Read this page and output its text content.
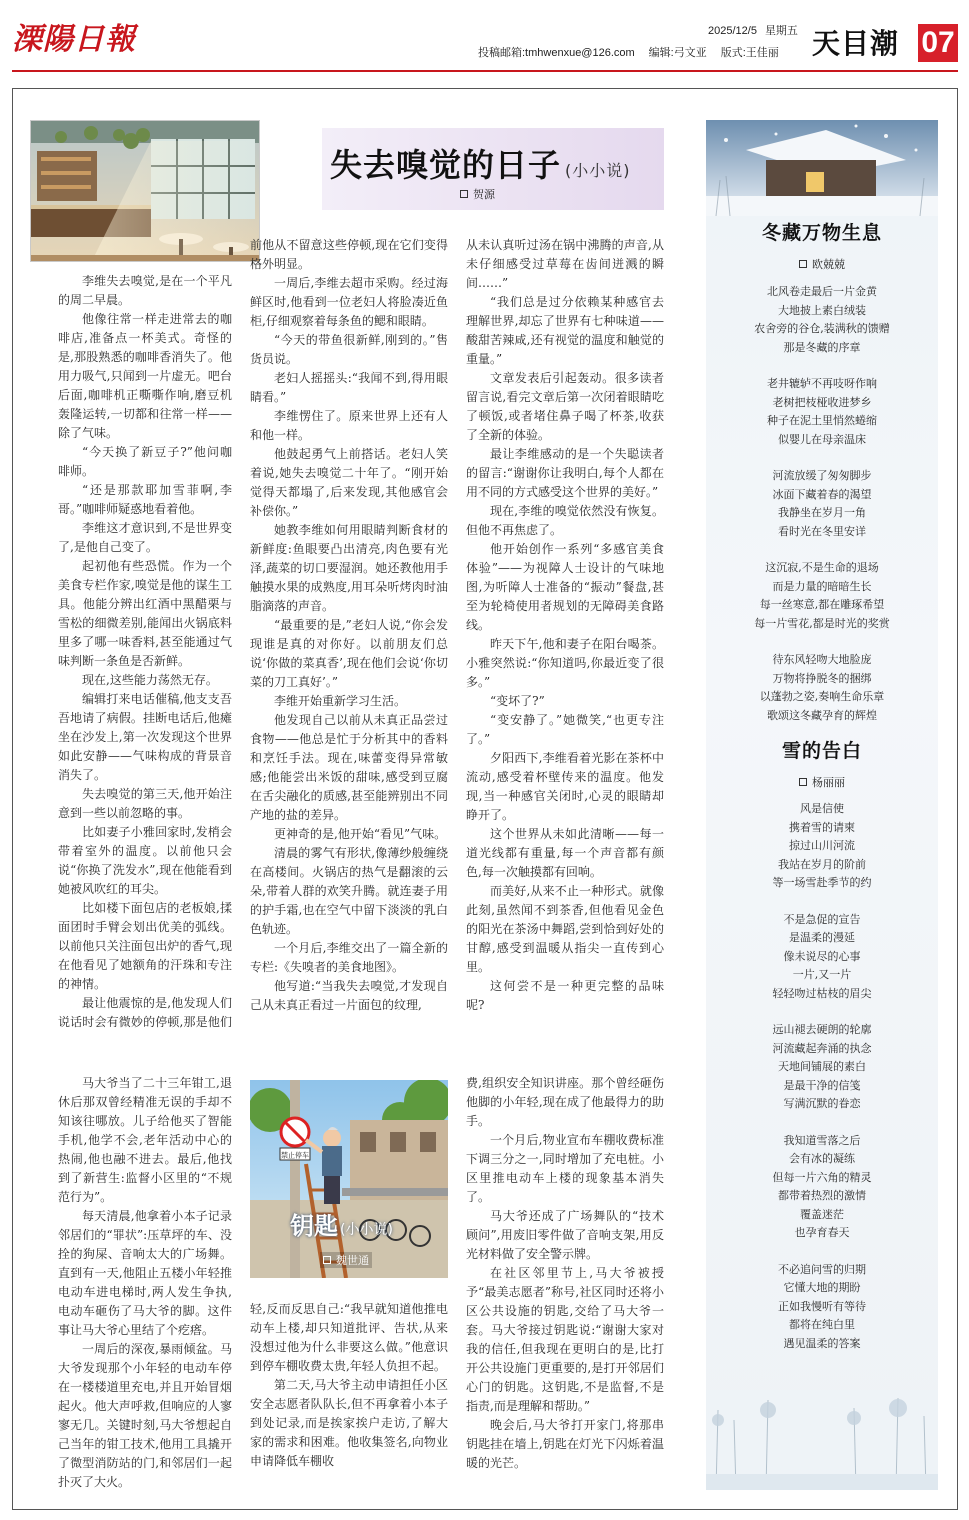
溧陽日報	2025/12/5 星期五
投稿邮箱:tmhwenxue@126.com 编辑:弓文亚 版式:王佳丽 天目潮 07
失去嗅觉的日子 (小小说)
贺源

李维失去嗅觉,是在一个平凡的周二早晨。

他像往常一样走进常去的咖啡店,准备点一杯美式。奇怪的是,那股熟悉的咖啡香消失了。他用力吸气,只闻到一片虚无。吧台后面,咖啡机正嘶嘶作响,磨豆机轰隆运转,一切都和往常一样——除了气味。

“今天换了新豆子?”他问咖啡师。

“还是那款耶加雪菲啊,李哥。”咖啡师疑惑地看着他。

李维这才意识到,不是世界变了,是他自己变了。

起初他有些恐慌。作为一个美食专栏作家,嗅觉是他的谋生工具。他能分辨出红酒中黑醋栗与雪松的细微差别,能闻出火锅底料里多了哪一味香料,甚至能通过气味判断一条鱼是否新鲜。

现在,这些能力荡然无存。

编辑打来电话催稿,他支支吾吾地请了病假。挂断电话后,他瘫坐在沙发上,第一次发现这个世界如此安静——气味构成的背景音消失了。

失去嗅觉的第三天,他开始注意到一些以前忽略的事。

比如妻子小雅回家时,发梢会带着室外的温度。以前他只会说“你换了洗发水”,现在他能看到她被风吹红的耳尖。

比如楼下面包店的老板娘,揉面团时手臂会划出优美的弧线。以前他只关注面包出炉的香气,现在他看见了她额角的汗珠和专注的神情。

最让他震惊的是,他发现人们说话时会有微妙的停顿,那是他们

前他从不留意这些停顿,现在它们变得格外明显。

一周后,李维去超市采购。经过海鲜区时,他看到一位老妇人将脸凑近鱼柜,仔细观察着每条鱼的鳃和眼睛。

“今天的带鱼很新鲜,刚到的。”售货员说。

老妇人摇摇头:“我闻不到,得用眼睛看。”

李维愣住了。原来世界上还有人和他一样。

他鼓起勇气上前搭话。老妇人笑着说,她失去嗅觉二十年了。“刚开始觉得天都塌了,后来发现,其他感官会补偿你。”

她教李维如何用眼睛判断食材的新鲜度:鱼眼要凸出清亮,肉色要有光泽,蔬菜的切口要湿润。她还教他用手触摸水果的成熟度,用耳朵听烤肉时油脂滴落的声音。

“最重要的是,”老妇人说,“你会发现谁是真的对你好。以前朋友们总说‘你做的菜真香’,现在他们会说‘你切菜的刀工真好’。”

李维开始重新学习生活。

他发现自己以前从未真正品尝过食物——他总是忙于分析其中的香料和烹饪手法。现在,味蕾变得异常敏感;他能尝出米饭的甜味,感受到豆腐在舌尖融化的质感,甚至能辨别出不同产地的盐的差异。

更神奇的是,他开始“看见”气味。

清晨的雾气有形状,像薄纱般缠绕在高楼间。火锅店的热气是翻滚的云朵,带着人群的欢笑升腾。就连妻子用的护手霜,也在空气中留下淡淡的乳白色轨迹。

一个月后,李维交出了一篇全新的专栏:《失嗅者的美食地图》。

他写道:“当我失去嗅觉,才发现自己从未真正看过一片面包的纹理,

从未认真听过汤在锅中沸腾的声音,从未仔细感受过草莓在齿间迸溅的瞬间……”

“我们总是过分依赖某种感官去理解世界,却忘了世界有七种味道——酸甜苦辣咸,还有视觉的温度和触觉的重量。”

文章发表后引起轰动。很多读者留言说,看完文章后第一次闭着眼睛吃了顿饭,或者堵住鼻子喝了杯茶,收获了全新的体验。

最让李维感动的是一个失聪读者的留言:“谢谢你让我明白,每个人都在用不同的方式感受这个世界的美好。”

现在,李维的嗅觉依然没有恢复。但他不再焦虑了。

他开始创作一系列“多感官美食体验”——为视障人士设计的气味地图,为听障人士准备的“振动”餐盘,甚至为轮椅使用者规划的无障碍美食路线。

昨天下午,他和妻子在阳台喝茶。小雅突然说:“你知道吗,你最近变了很多。”

“变坏了?”

“变安静了。”她微笑,“也更专注了。”

夕阳西下,李维看着光影在茶杯中流动,感受着杯壁传来的温度。他发现,当一种感官关闭时,心灵的眼睛却睁开了。

这个世界从未如此清晰——每一道光线都有重量,每一个声音都有颜色,每一次触摸都有回响。

而美好,从来不止一种形式。就像此刻,虽然闻不到茶香,但他看见金色的阳光在茶汤中舞蹈,尝到恰到好处的甘醇,感受到温暖从指尖一直传到心里。

这何尝不是一种更完整的品味呢?

禁止停车
钥匙 (小小说)
魏世通

马大爷当了二十三年钳工,退休后那双曾经精准无误的手却不知该往哪放。儿子给他买了智能手机,他学不会,老年活动中心的热闹,他也融不进去。最后,他找到了新营生:监督小区里的“不规范行为”。

每天清晨,他拿着小本子记录邻居们的“罪状”:压草坪的车、没拴的狗屎、音响太大的广场舞。直到有一天,他阻止五楼小年轻推电动车进电梯时,两人发生争执,电动车砸伤了马大爷的脚。这件事让马大爷心里结了个疙瘩。

一周后的深夜,暴雨倾盆。马大爷发现那个小年轻的电动车停在一楼楼道里充电,并且开始冒烟起火。他大声呼救,但响应的人寥寥无几。关键时刻,马大爷想起自己当年的钳工技术,他用工具撬开了微型消防站的门,和邻居们一起扑灭了大火。

轻,反而反思自己:“我早就知道他推电动车上楼,却只知道批评、告状,从来没想过他为什么非要这么做。”他意识到停车棚收费太贵,年轻人负担不起。

第二天,马大爷主动申请担任小区安全志愿者队队长,但不再拿着小本子到处记录,而是挨家挨户走访,了解大家的需求和困难。他收集签名,向物业申请降低车棚收

费,组织安全知识讲座。那个曾经砸伤他脚的小年轻,现在成了他最得力的助手。

一个月后,物业宣布车棚收费标准下调三分之一,同时增加了充电桩。小区里推电动车上楼的现象基本消失了。

马大爷还成了广场舞队的“技术顾问”,用废旧零件做了音响支架,用反光材料做了安全警示牌。

在社区邻里节上,马大爷被授予“最美志愿者”称号,社区同时还将小区公共设施的钥匙,交给了马大爷一套。马大爷接过钥匙说:“谢谢大家对我的信任,但我现在更明白的是,比打开公共设施门更重要的,是打开邻居们心门的钥匙。这钥匙,不是监督,不是指责,而是理解和帮助。”

晚会后,马大爷打开家门,将那串钥匙挂在墙上,钥匙在灯光下闪烁着温暖的光芒。

冬藏万物生息
欧兢兢
北风卷走最后一片金黄
大地披上素白绒装
农舍旁的谷仓,装满秋的馈赠
那是冬藏的序章
老井辘轳不再吱呀作响
老树把枝桠收进梦乡
种子在泥土里悄然蜷缩
似婴儿在母亲温床
河流放缓了匆匆脚步
冰面下藏着春的渴望
我静坐在岁月一角
看时光在冬里安详
这沉寂,不是生命的退场
而是力量的暗暗生长
每一丝寒意,都在雕琢希望
每一片雪花,都是时光的奖赏
待东风轻吻大地脸庞
万物将挣脱冬的捆绑
以蓬勃之姿,奏响生命乐章
歌颂这冬藏孕育的辉煌
雪的告白
杨丽丽
风是信使
携着雪的请柬
掠过山川河流
我站在岁月的阶前
等一场雪赴季节的约
不是急促的宣告
是温柔的漫延
像未说尽的心事
一片,又一片
轻轻吻过枯枝的眉尖
远山褪去硬朗的轮廓
河流藏起奔涌的执念
天地间铺展的素白
是最干净的信笺
写满沉默的眷恋
我知道雪落之后
会有冰的凝练
但每一片六角的精灵
都带着热烈的激情
覆盖迷茫
也孕育春天
不必追问雪的归期
它懂大地的期盼
正如我慢听有等待
都将在纯白里
遇见温柔的答案
